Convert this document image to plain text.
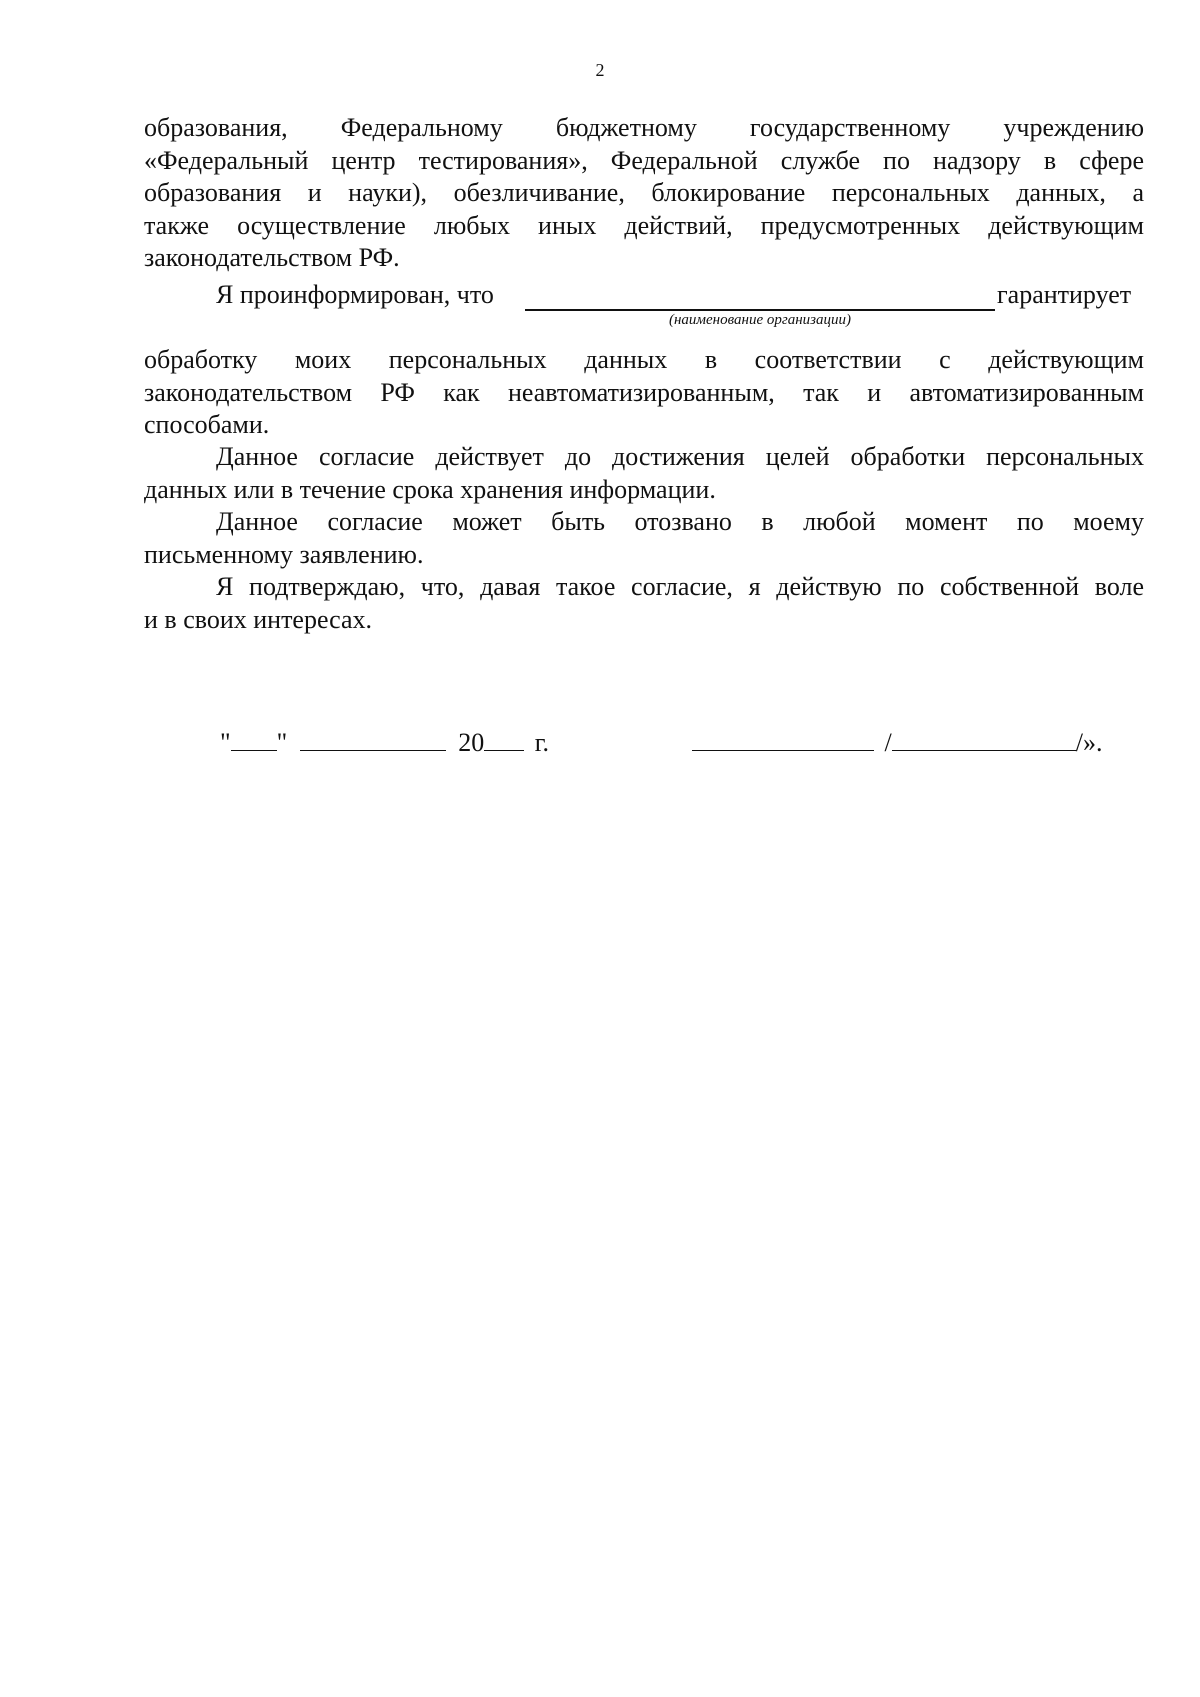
2
образования, Федеральному бюджетному государственному учреждению
«Федеральный центр тестирования», Федеральной службе по надзору в сфере
образования и науки), обезличивание, блокирование персональных данных, а
также осуществление любых иных действий, предусмотренных действующим
законодательством РФ.
Я проинформирован, что	гарантирует
(наименование организации)
обработку моих персональных данных в соответствии с действующим
законодательством РФ как неавтоматизированным, так и автоматизированным
способами.
Данное согласие действует до достижения целей обработки персональных
данных или в течение срока хранения информации.
Данное согласие может быть отозвано в любой момент по моему
письменному заявлению.
Я подтверждаю, что, давая такое согласие, я действую по собственной воле
и в своих интересах.
" "	20 г.	/	/».
